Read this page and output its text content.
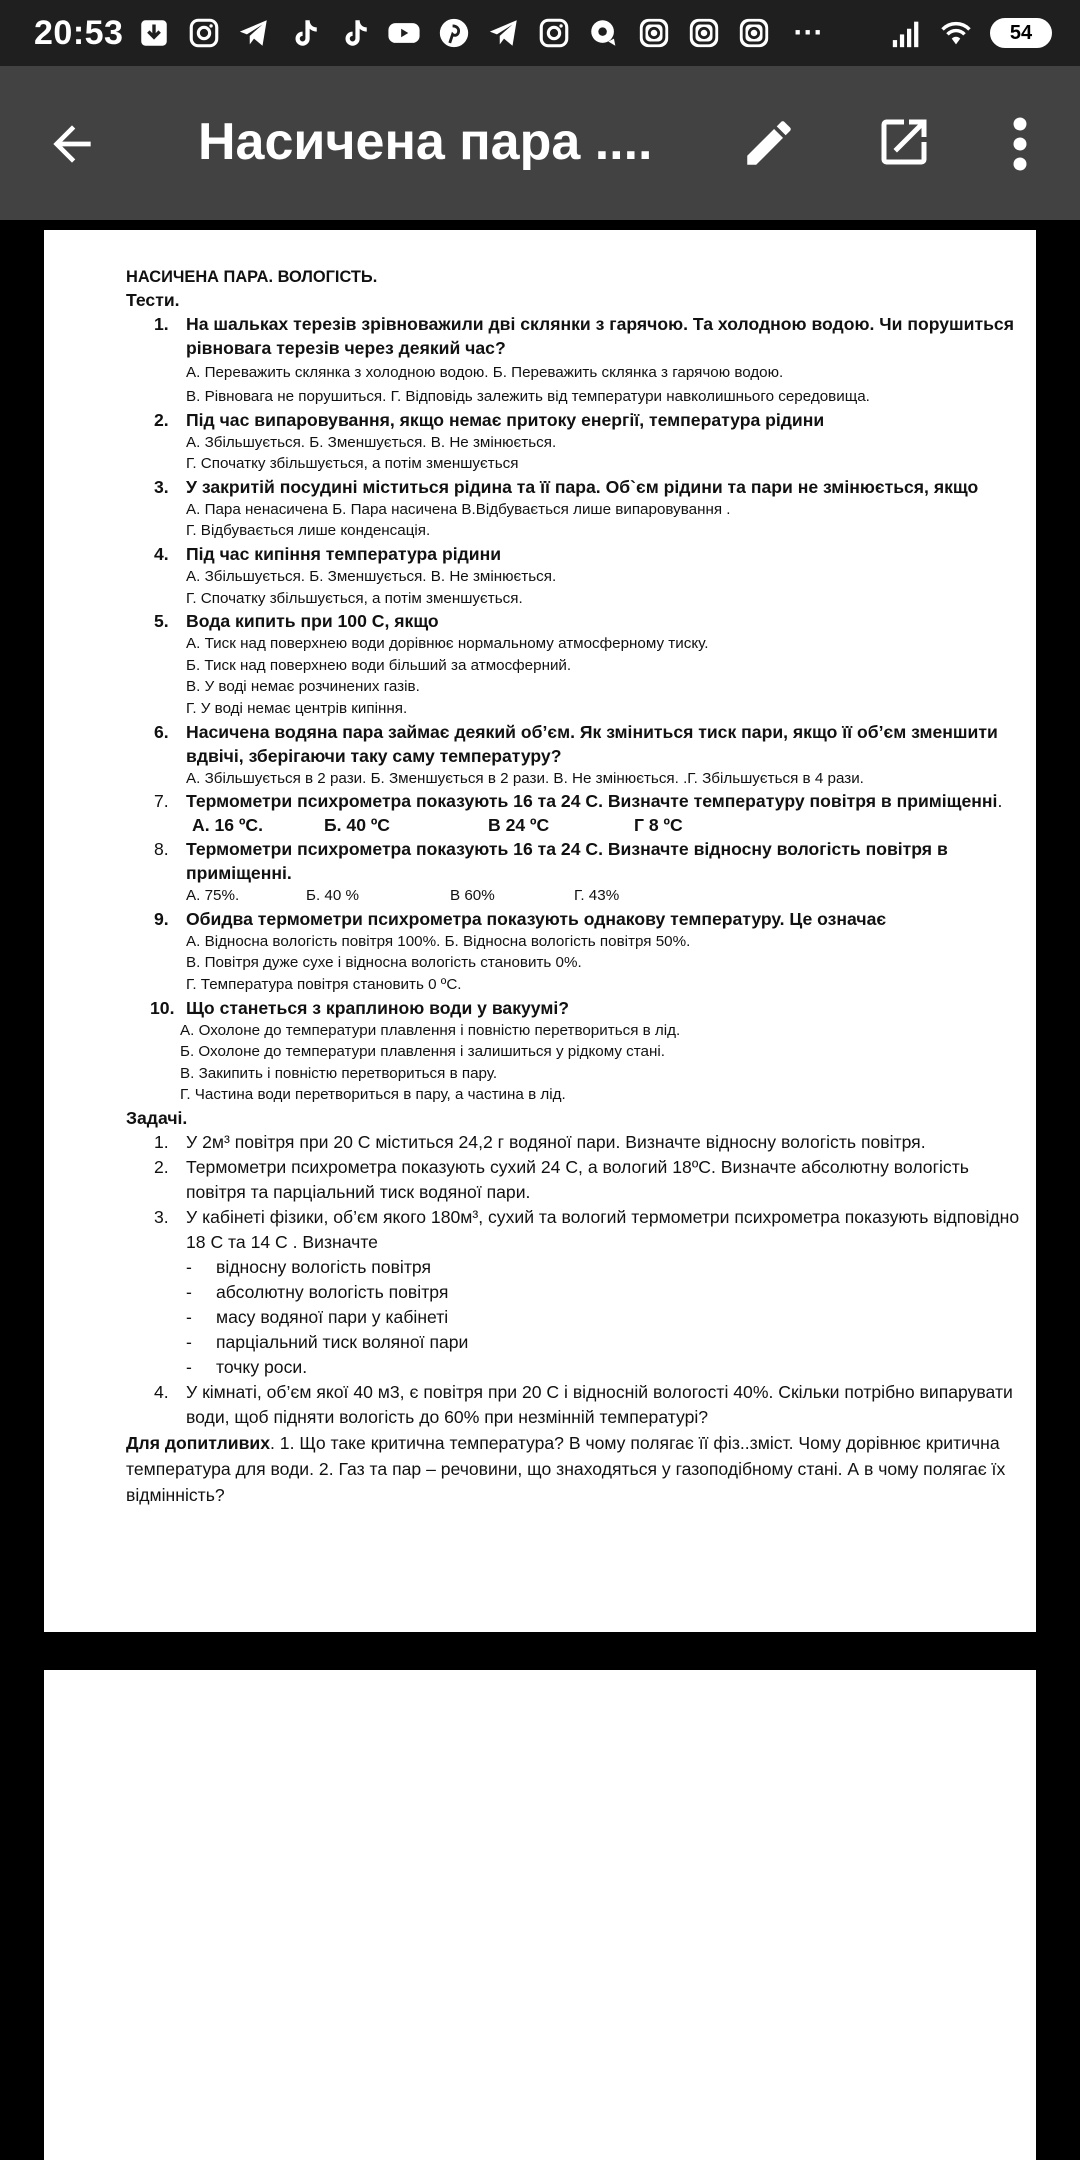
20:53	···	54
Насичена пара ....

НАСИЧЕНА ПАРА. ВОЛОГІСТЬ.

Тести.

1. На шальках терезів зрівноважили дві склянки з гарячою. Та холодною водою. Чи порушиться рівновага терезів через деякий час?

А. Переважить склянка з холодною водою. Б. Переважить склянка з гарячою водою.

В. Рівновага не порушиться. Г. Відповідь залежить від температури навколишнього середовища.

2. Під час випаровування, якщо немає притоку енергії, температура рідини

А. Збільшується. Б. Зменшується. В. Не змінюється.

Г. Спочатку збільшується, а потім зменшується

3. У закритій посудині міститься рідина та її пара. Об`єм рідини та пари не змінюється, якщо

А. Пара ненасичена Б. Пара насичена В.Відбувається лише випаровування .

Г. Відбувається лише конденсація.

4. Під час кипіння температура рідини

А. Збільшується. Б. Зменшується. В. Не змінюється.

Г. Спочатку збільшується, а потім зменшується.

5. Вода кипить при 100 С, якщо

А. Тиск над поверхнею води дорівнює нормальному атмосферному тиску.

Б. Тиск над поверхнею води більший за атмосферний.

В. У воді немає розчинених газів.

Г. У воді немає центрів кипіння.

6. Насичена водяна пара займає деякий об’єм. Як зміниться тиск пари, якщо її об’єм зменшити вдвічі, зберігаючи таку саму температуру?

А. Збільшується в 2 рази. Б. Зменшується в 2 рази. В. Не змінюється. .Г. Збільшується в 4 рази.

7. Термометри психрометра показують 16 та 24 С. Визначте температуру повітря в приміщенні.

А. 16 ºС.	Б. 40 ºС	В 24 ºС	Г 8 ºС

8. Термометри психрометра показують 16 та 24 С. Визначте відносну вологість повітря в приміщенні.

А. 75%.	Б. 40 %	В 60%	Г. 43%

9. Обидва термометри психрометра показують однакову температуру. Це означає

А. Відносна вологість повітря 100%. Б. Відносна вологість повітря 50%.

В. Повітря дуже сухе і відносна вологість становить 0%.

Г. Температура повітря становить 0 ºС.

10. Що станеться з краплиною води у вакуумі?

А. Охолоне до температури плавлення і повністю перетвориться в лід.

Б. Охолоне до температури плавлення і залишиться у рідкому стані.

В. Закипить і повністю перетвориться в пару.

Г. Частина води перетвориться в пару, а частина в лід.

Задачі.

1. У 2м³ повітря при 20 С міститься 24,2 г водяної пари. Визначте відносну вологість повітря.

2. Термометри психрометра показують сухий 24 С, а вологий 18ºС. Визначте абсолютну вологість повітря та парціальний тиск водяної пари.

3. У кабінеті фізики, об’єм якого 180м³, сухий та вологий термометри психрометра показують відповідно 18 С та 14 С . Визначте

- відносну вологість повітря

- абсолютну вологість повітря

- масу водяної пари у кабінеті

- парціальний тиск воляної пари

- точку роси.

4. У кімнаті, об’єм якої 40 м3, є повітря при 20 С і відносній вологості 40%. Скільки потрібно випарувати води, щоб підняти вологість до 60% при незмінній температурі?

Для допитливих. 1. Що таке критична температура? В чому полягає її фіз..зміст. Чому дорівнює критична температура для води. 2. Газ та пар – речовини, що знаходяться у газоподібному стані. А в чому полягає їх відмінність?
